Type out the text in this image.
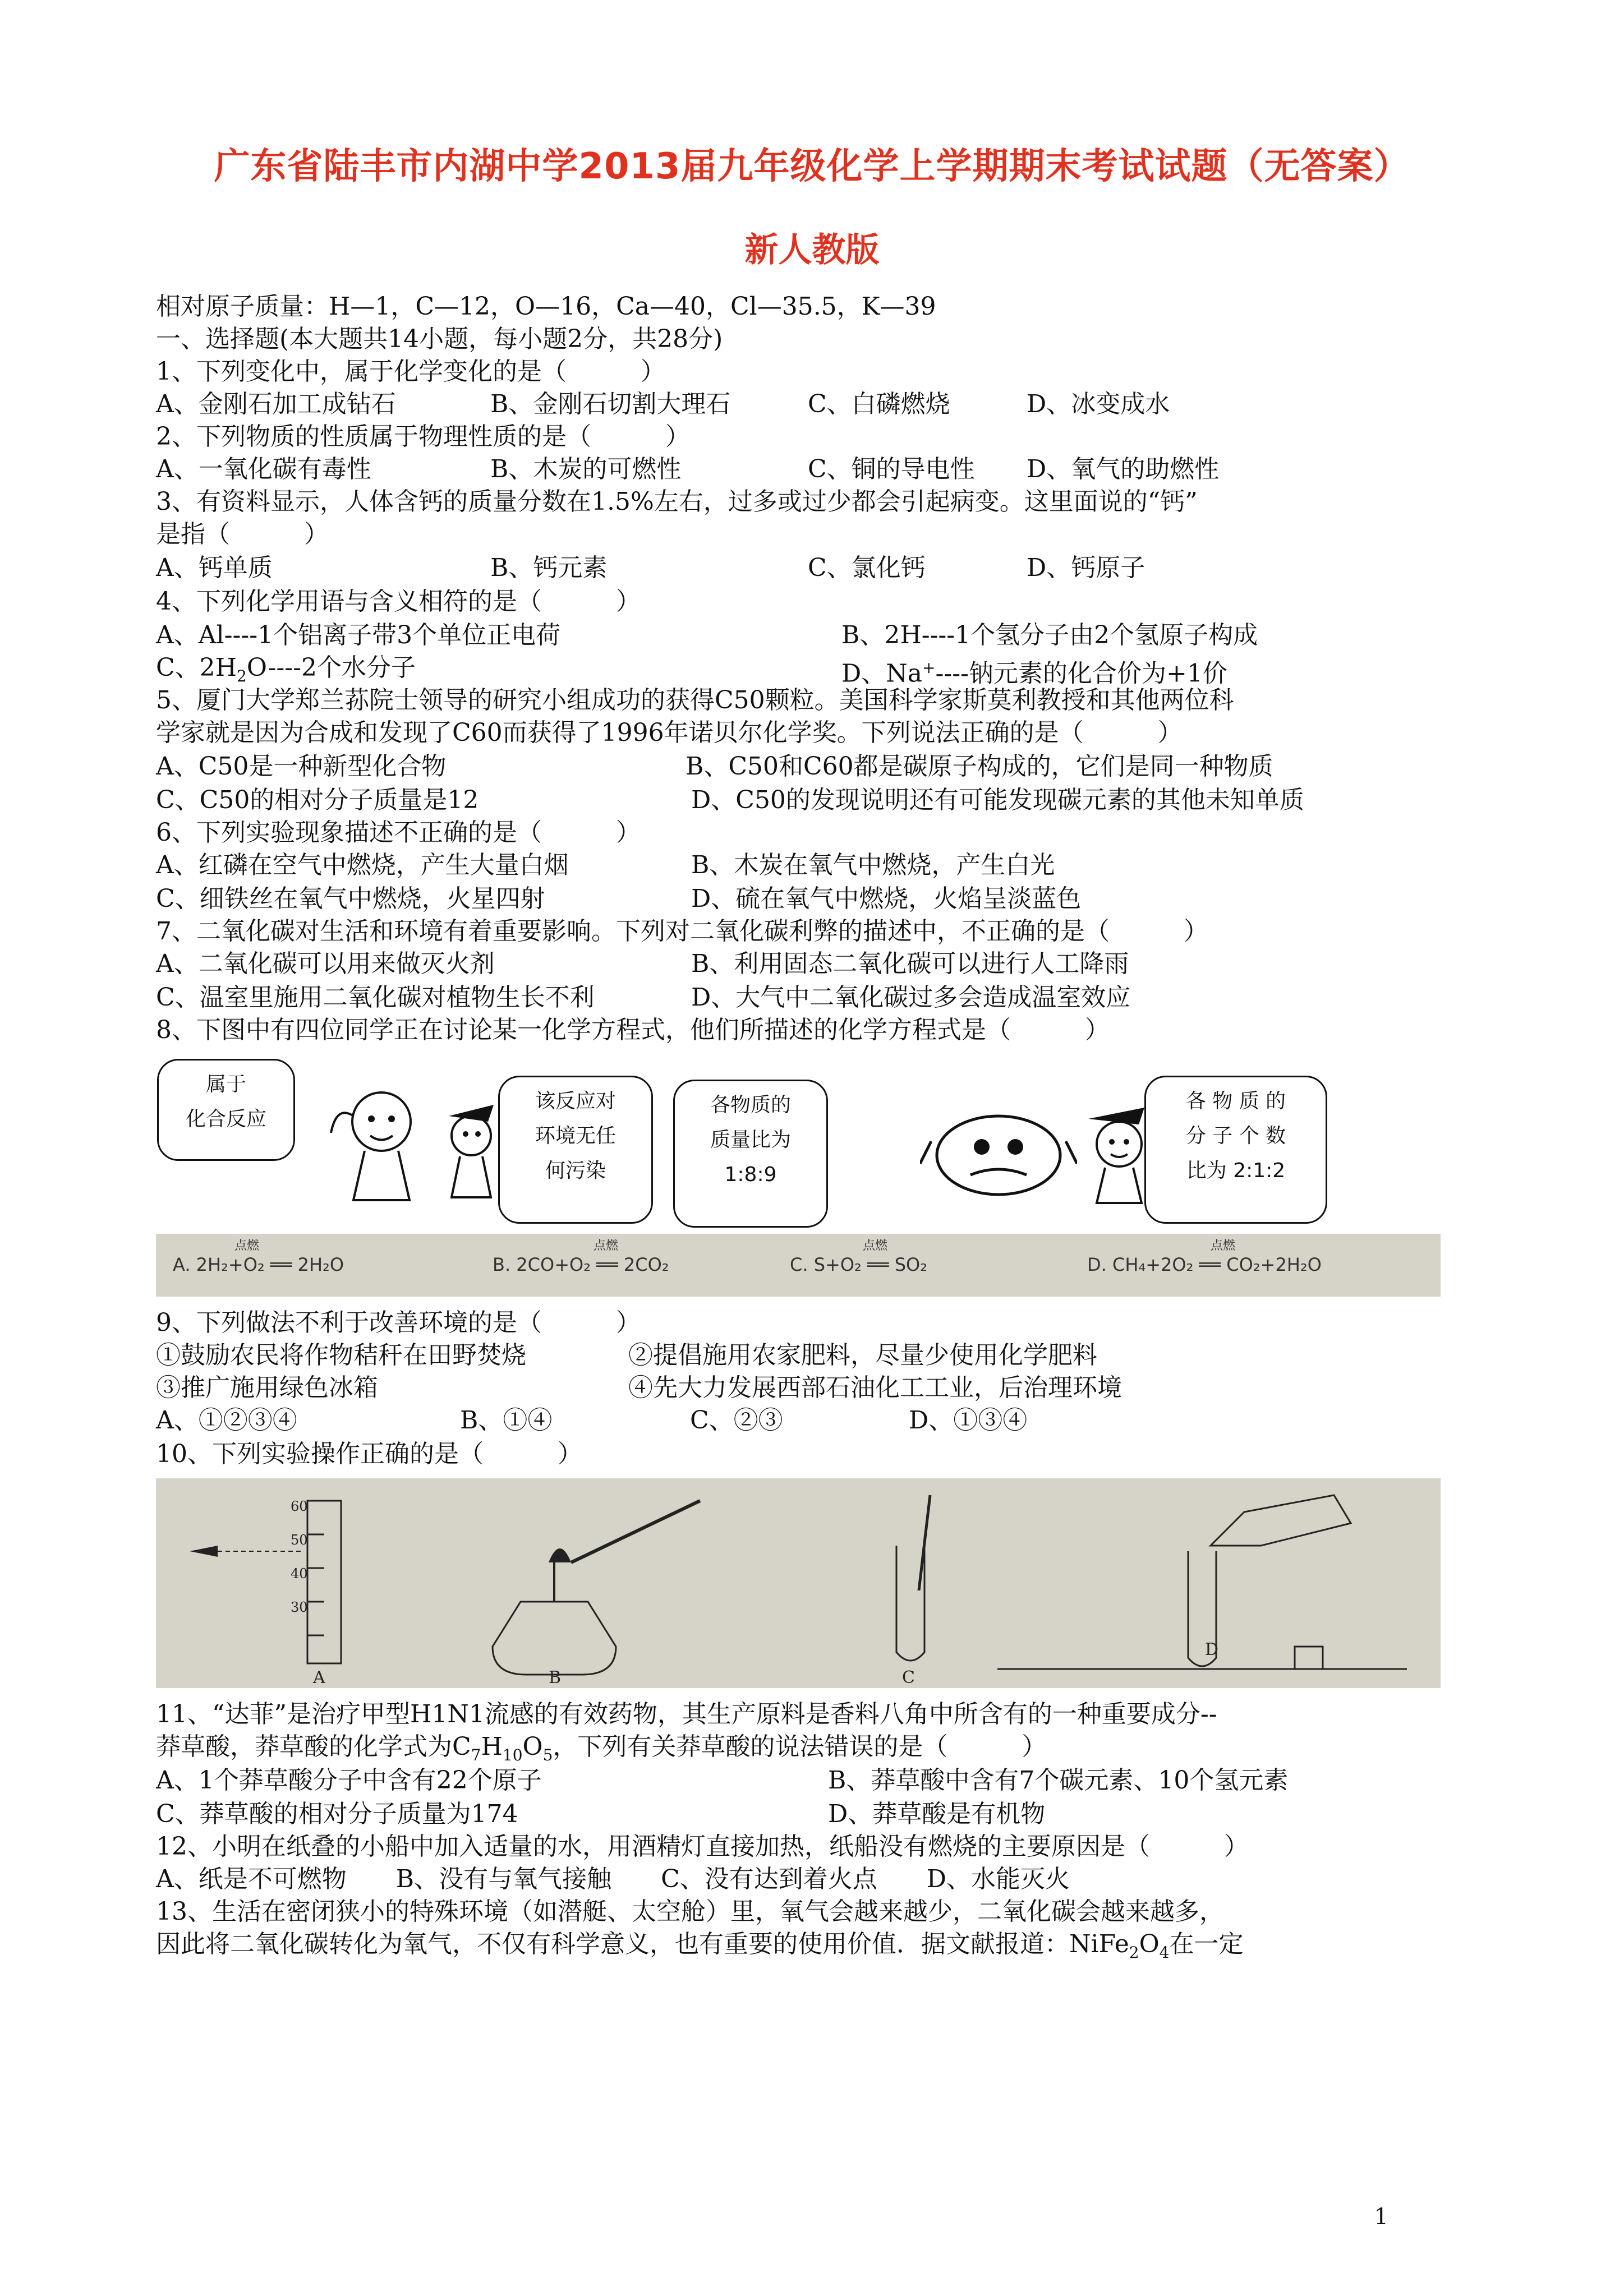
广东省陆丰市内湖中学2013届九年级化学上学期期末考试试题（无答案）
新人教版
相对原子质量：H—1，C—12，O—16，Ca—40，Cl—35.5，K—39
一、选择题(本大题共14小题，每小题2分，共28分)
1、下列变化中，属于化学变化的是（　　　）
A、金刚石加工成钻石	B、金刚石切割大理石	C、白磷燃烧	D、冰变成水
2、下列物质的性质属于物理性质的是（　　　）
A、一氧化碳有毒性	B、木炭的可燃性	C、铜的导电性 D、氧气的助燃性
3、有资料显示，人体含钙的质量分数在1.5%左右，过多或过少都会引起病变。这里面说的“钙”
是指（　　　）
A、钙单质	B、钙元素	C、氯化钙	D、钙原子
4、下列化学用语与含义相符的是（　　　）
A、Al----1个铝离子带3个单位正电荷	B、2H----1个氢分子由2个氢原子构成
C、$2H_2O----2$个水分子	D、Na+----钠元素的化合价为+1价
5、厦门大学郑兰荪院士领导的研究小组成功的获得C50颗粒。美国科学家斯莫利教授和其他两位科
学家就是因为合成和发现了C60而获得了1996年诺贝尔化学奖。下列说法正确的是（　　　）
A、C50是一种新型化合物	B、C50和C60都是碳原子构成的，它们是同一种物质
C、C50的相对分子质量是12	D、C50的发现说明还有可能发现碳元素的其他未知单质
6、下列实验现象描述不正确的是（　　　）
A、红磷在空气中燃烧，产生大量白烟	B、木炭在氧气中燃烧，产生白光
C、细铁丝在氧气中燃烧，火星四射	D、硫在氧气中燃烧，火焰呈淡蓝色
7、二氧化碳对生活和环境有着重要影响。下列对二氧化碳利弊的描述中，不正确的是（　　　）
A、二氧化碳可以用来做灭火剂	B、利用固态二氧化碳可以进行人工降雨
C、温室里施用二氧化碳对植物生长不利	D、大气中二氧化碳过多会造成温室效应
8、下图中有四位同学正在讨论某一化学方程式，他们所描述的化学方程式是（　　　）
属于
化合反应
该反应对
环境无任
何污染
各物质的
质量比为
1:8:9
各 物 质 的
分 子 个 数
比为 2:1:2
A. 2H₂+O₂ ══ 2H₂O	B. 2CO+O₂ ══ 2CO₂	C. S+O₂ ══ SO₂	D. CH₄+2O₂ ══ CO₂+2H₂O
点燃	点燃	点燃	点燃
9、下列做法不利于改善环境的是（　　　）
①鼓励农民将作物秸秆在田野焚烧	②提倡施用农家肥料，尽量少使用化学肥料
③推广施用绿色冰箱	④先大力发展西部石油化工工业，后治理环境
A、①②③④	B、①④	C、②③	D、①③④
10、下列实验操作正确的是（　　　）
60
50
40
30
A	B	C
D
11、“达菲”是治疗甲型H1N1流感的有效药物，其生产原料是香料八角中所含有的一种重要成分--
莽草酸，莽草酸的化学式为$C_7H_{10}O_5$，下列有关莽草酸的说法错误的是（　　　）
A、1个莽草酸分子中含有22个原子	B、莽草酸中含有7个碳元素、10个氢元素
C、莽草酸的相对分子质量为174	D、莽草酸是有机物
12、小明在纸叠的小船中加入适量的水，用酒精灯直接加热，纸船没有燃烧的主要原因是（　　　）
A、纸是不可燃物　　B、没有与氧气接触　　C、没有达到着火点　　D、水能灭火
13、生活在密闭狭小的特殊环境（如潜艇、太空舱）里，氧气会越来越少，二氧化碳会越来越多，
因此将二氧化碳转化为氧气，不仅有科学意义，也有重要的使用价值．据文献报道：$NiFe_2O_4$在一定
1
